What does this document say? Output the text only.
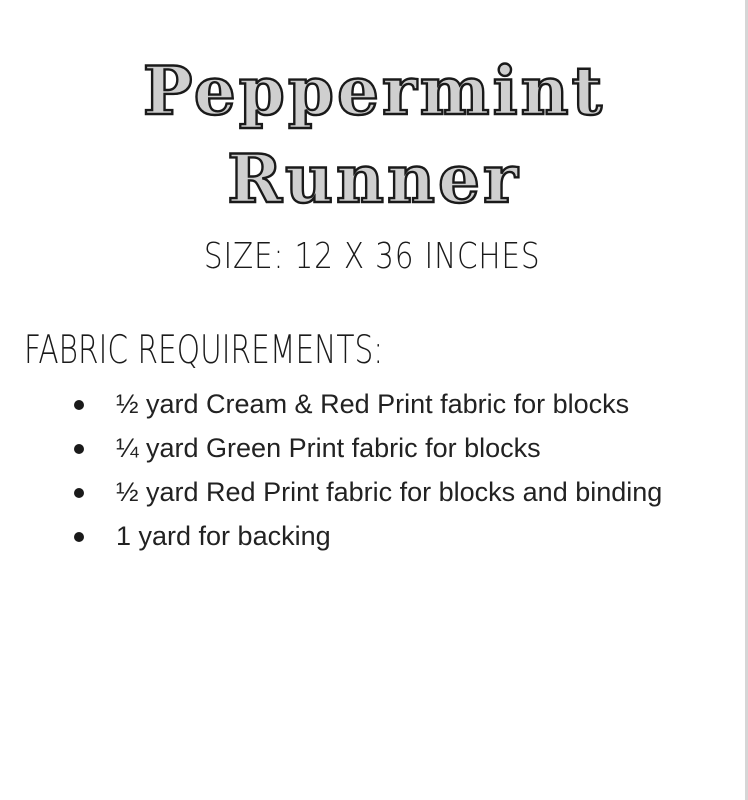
Peppermint
Runner
SIZE: 12 X 36 INCHES
FABRIC REQUIREMENTS:
½ yard Cream & Red Print fabric for blocks
¼ yard Green Print fabric for blocks
½ yard Red Print fabric for blocks and binding
1 yard for backing
